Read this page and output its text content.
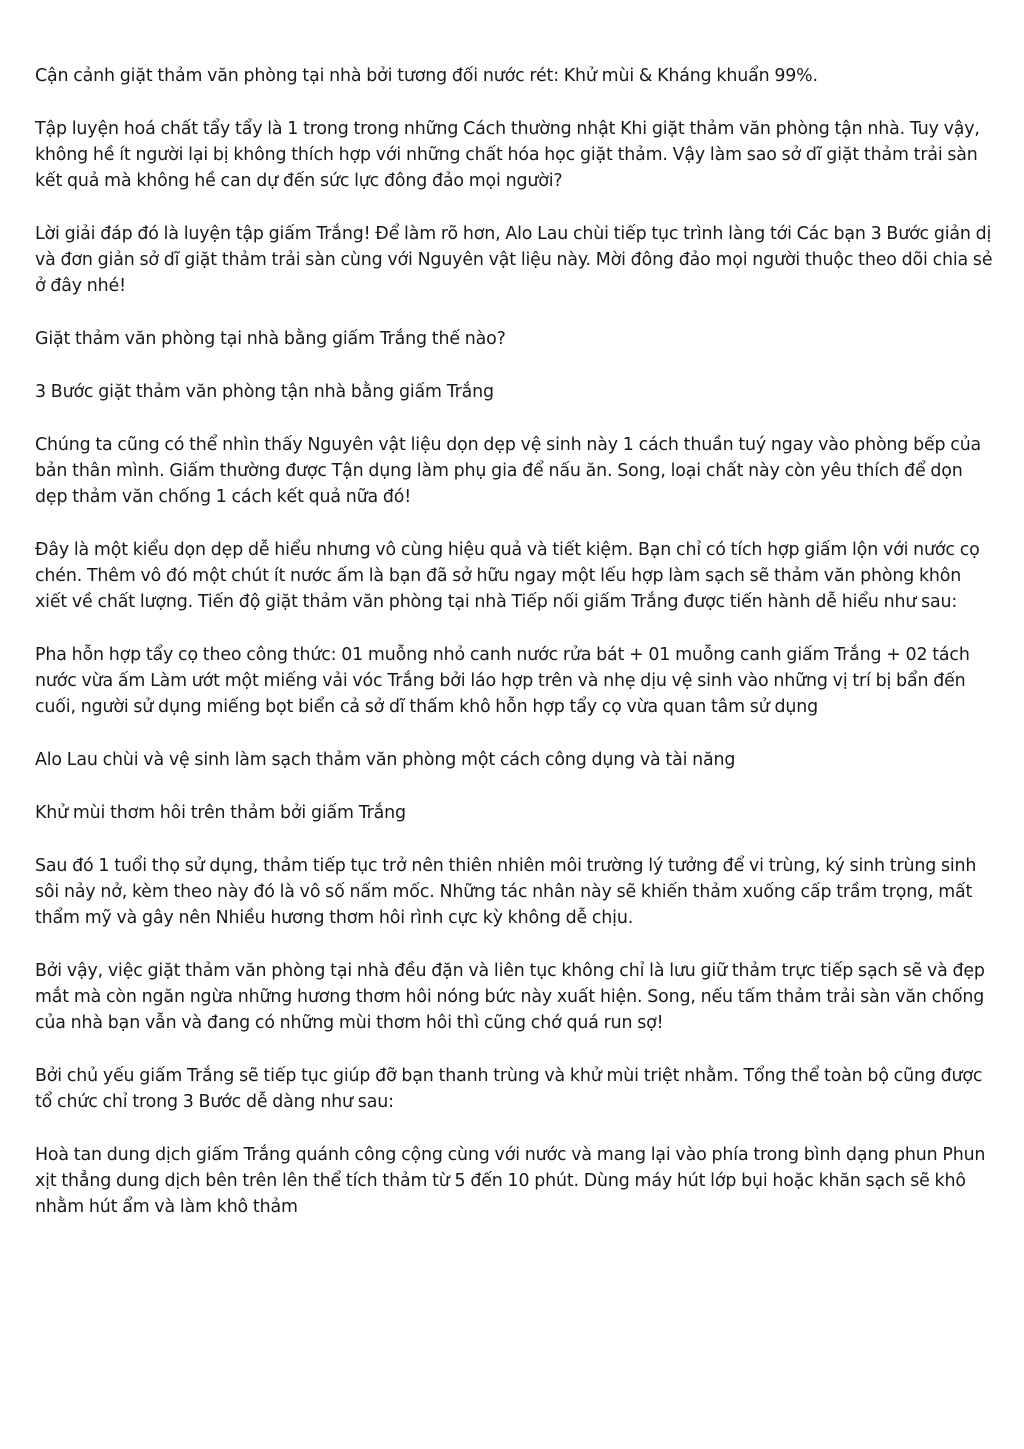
Cận cảnh giặt thảm văn phòng tại nhà bởi tương đối nước rét: Khử mùi & Kháng khuẩn 99%.

Tập luyện hoá chất tẩy tẩy là 1 trong trong những Cách thường nhật Khi giặt thảm văn phòng tận nhà. Tuy vậy, không hề ít người lại bị không thích hợp với những chất hóa học giặt thảm. Vậy làm sao sở dĩ giặt thảm trải sàn kết quả mà không hề can dự đến sức lực đông đảo mọi người?

Lời giải đáp đó là luyện tập giấm Trắng! Để làm rõ hơn, Alo Lau chùi tiếp tục trình làng tới Các bạn 3 Bước giản dị và đơn giản sở dĩ giặt thảm trải sàn cùng với Nguyên vật liệu này. Mời đông đảo mọi người thuộc theo dõi chia sẻ ở đây nhé!

Giặt thảm văn phòng tại nhà bằng giấm Trắng thế nào?

3 Bước giặt thảm văn phòng tận nhà bằng giấm Trắng

Chúng ta cũng có thể nhìn thấy Nguyên vật liệu dọn dẹp vệ sinh này 1 cách thuần tuý ngay vào phòng bếp của bản thân mình. Giấm thường được Tận dụng làm phụ gia để nấu ăn. Song, loại chất này còn yêu thích để dọn dẹp thảm văn chống 1 cách kết quả nữa đó!

Đây là một kiểu dọn dẹp dễ hiểu nhưng vô cùng hiệu quả và tiết kiệm. Bạn chỉ có tích hợp giấm lộn với nước cọ chén. Thêm vô đó một chút ít nước ấm là bạn đã sở hữu ngay một lếu hợp làm sạch sẽ thảm văn phòng khôn xiết về chất lượng. Tiến độ giặt thảm văn phòng tại nhà Tiếp nối giấm Trắng được tiến hành dễ hiểu như sau:

Pha hỗn hợp tẩy cọ theo công thức: 01 muỗng nhỏ canh nước rửa bát + 01 muỗng canh giấm Trắng + 02 tách nước vừa ấm Làm ướt một miếng vải vóc Trắng bởi láo hợp trên và nhẹ dịu vệ sinh vào những vị trí bị bẩn đến cuối, người sử dụng miếng bọt biển cả sở dĩ thấm khô hỗn hợp tẩy cọ vừa quan tâm sử dụng

Alo Lau chùi và vệ sinh làm sạch thảm văn phòng một cách công dụng và tài năng

Khử mùi thơm hôi trên thảm bởi giấm Trắng

Sau đó 1 tuổi thọ sử dụng, thảm tiếp tục trở nên thiên nhiên môi trường lý tưởng để vi trùng, ký sinh trùng sinh sôi nảy nở, kèm theo này đó là vô số nấm mốc. Những tác nhân này sẽ khiến thảm xuống cấp trầm trọng, mất thẩm mỹ và gây nên Nhiều hương thơm hôi rình cực kỳ không dễ chịu.

Bởi vậy, việc giặt thảm văn phòng tại nhà đều đặn và liên tục không chỉ là lưu giữ thảm trực tiếp sạch sẽ và đẹp mắt mà còn ngăn ngừa những hương thơm hôi nóng bức này xuất hiện. Song, nếu tấm thảm trải sàn văn chống của nhà bạn vẫn và đang có những mùi thơm hôi thì cũng chớ quá run sợ!

Bởi chủ yếu giấm Trắng sẽ tiếp tục giúp đỡ bạn thanh trùng và khử mùi triệt nhằm. Tổng thể toàn bộ cũng được tổ chức chỉ trong 3 Bước dễ dàng như sau:

Hoà tan dung dịch giấm Trắng quánh công cộng cùng với nước và mang lại vào phía trong bình dạng phun Phun xịt thẳng dung dịch bên trên lên thể tích thảm từ 5 đến 10 phút. Dùng máy hút lớp bụi hoặc khăn sạch sẽ khô nhằm hút ẩm và làm khô thảm
